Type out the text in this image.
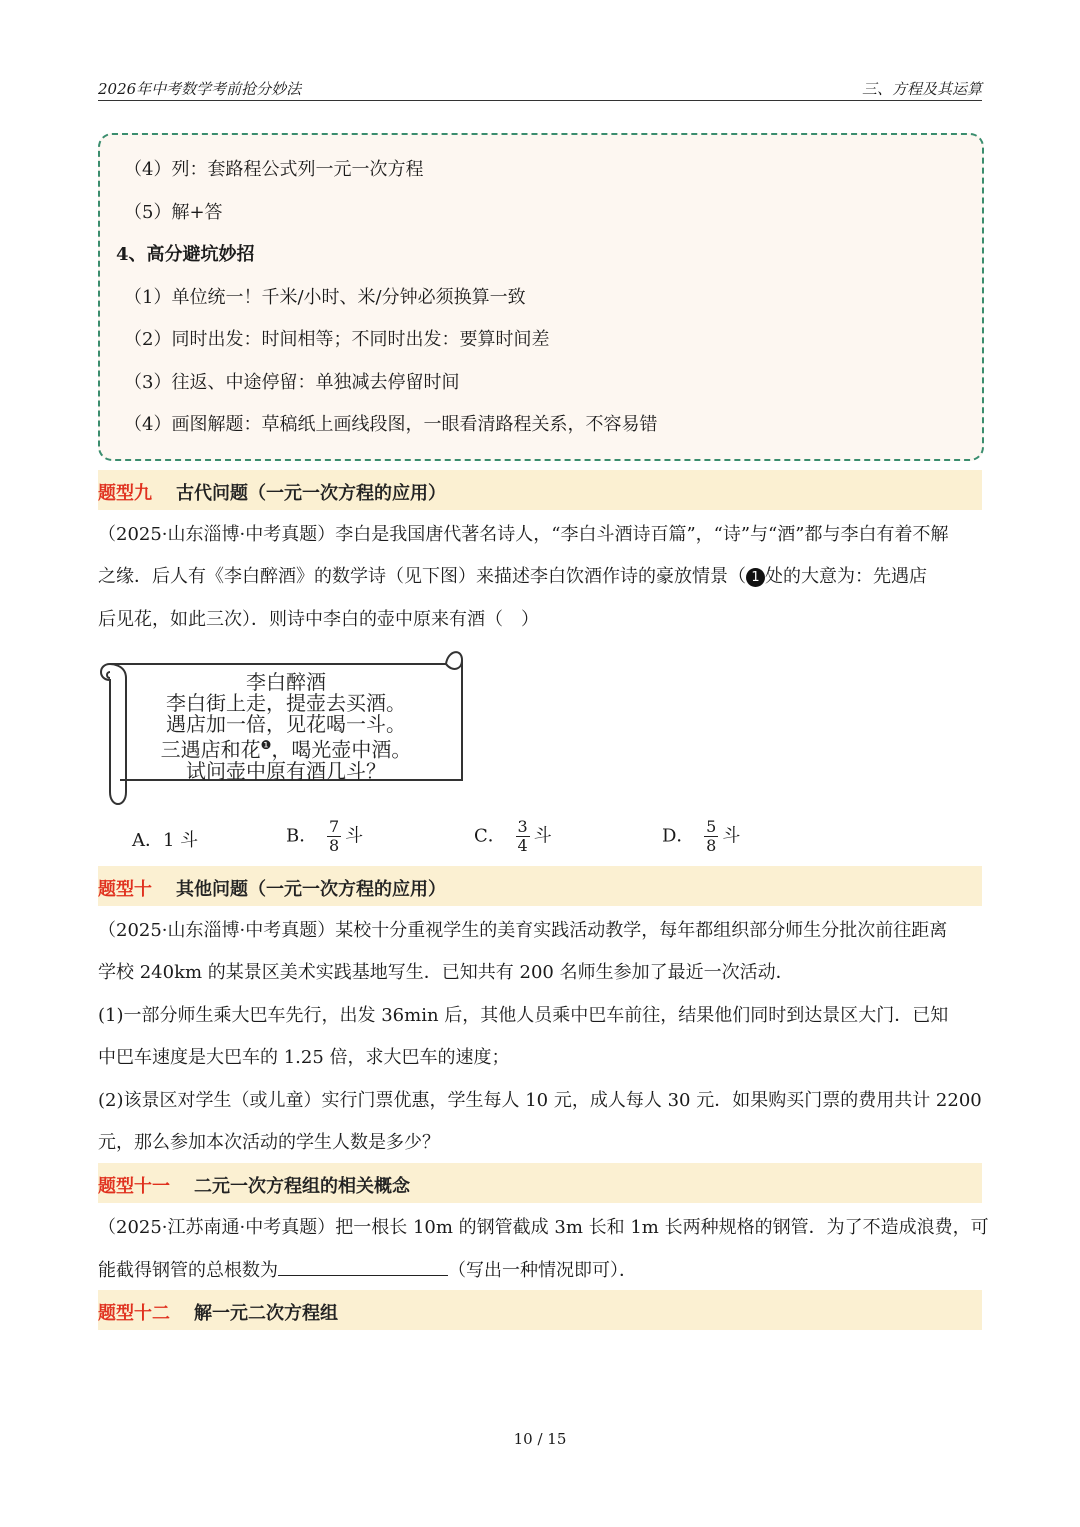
2026年中考数学考前抢分妙法	三、方程及其运算
（4）列：套路程公式列一元一次方程
（5）解+答
4、高分避坑妙招
（1）单位统一！千米/小时、米/分钟必须换算一致
（2）同时出发：时间相等；不同时出发：要算时间差
（3）往返、中途停留：单独减去停留时间
（4）画图解题：草稿纸上画线段图，一眼看清路程关系，不容易错
题型九 古代问题（一元一次方程的应用）
（2025·山东淄博·中考真题）李白是我国唐代著名诗人，“李白斗酒诗百篇”，“诗”与“酒”都与李白有着不解
之缘．后人有《李白醉酒》的数学诗（见下图）来描述李白饮酒作诗的豪放情景（ 1 处的大意为：先遇店
后见花，如此三次）．则诗中李白的壶中原来有酒（　）
李白醉酒
李白街上走，提壶去买酒。
遇店加一倍，见花喝一斗。
三遇店和花$^❶$，喝光壶中酒。
试问壶中原有酒几斗？
A．1 斗	B． $\frac{7}{8}$ 斗	C． $\frac{3}{4}$ 斗	D． $\frac{5}{8}$ 斗
题型十 其他问题（一元一次方程的应用）
（2025·山东淄博·中考真题）某校十分重视学生的美育实践活动教学，每年都组织部分师生分批次前往距离
学校 240km 的某景区美术实践基地写生．已知共有 200 名师生参加了最近一次活动．
(1)一部分师生乘大巴车先行，出发 36min 后，其他人员乘中巴车前往，结果他们同时到达景区大门．已知
中巴车速度是大巴车的 1.25 倍，求大巴车的速度；
(2)该景区对学生（或儿童）实行门票优惠，学生每人 10 元，成人每人 30 元．如果购买门票的费用共计 2200
元，那么参加本次活动的学生人数是多少？
题型十一 二元一次方程组的相关概念
（2025·江苏南通·中考真题）把一根长 10m 的钢管截成 3m 长和 1m 长两种规格的钢管．为了不造成浪费，可
能截得钢管的总根数为	（写出一种情况即可）．
题型十二 解一元二次方程组
10 / 15
